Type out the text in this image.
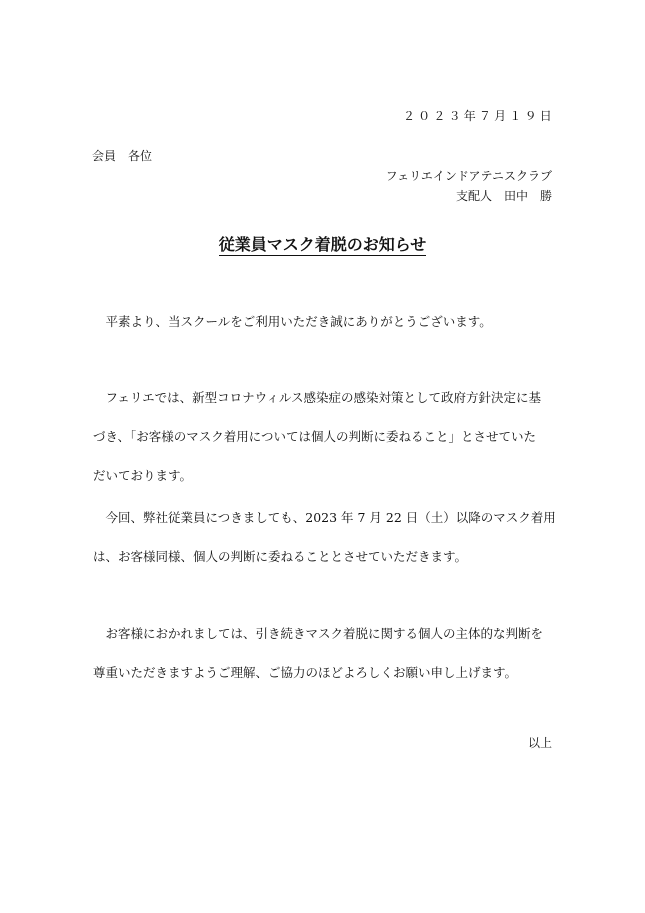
２０２３年７月１９日
会員　各位
フェリエインドアテニスクラブ
支配人　田中　勝
従業員マスク着脱のお知らせ

　平素より、当スクールをご利用いただき誠にありがとうございます。

　フェリエでは、新型コロナウィルス感染症の感染対策として政府方針決定に基

づき、「お客様のマスク着用については個人の判断に委ねること」とさせていた

だいております。

　今回、弊社従業員につきましても、2023 年 7 月 22 日（土）以降のマスク着用

は、お客様同様、個人の判断に委ねることとさせていただきます。

　お客様におかれましては、引き続きマスク着脱に関する個人の主体的な判断を

尊重いただきますようご理解、ご協力のほどよろしくお願い申し上げます。

以上
